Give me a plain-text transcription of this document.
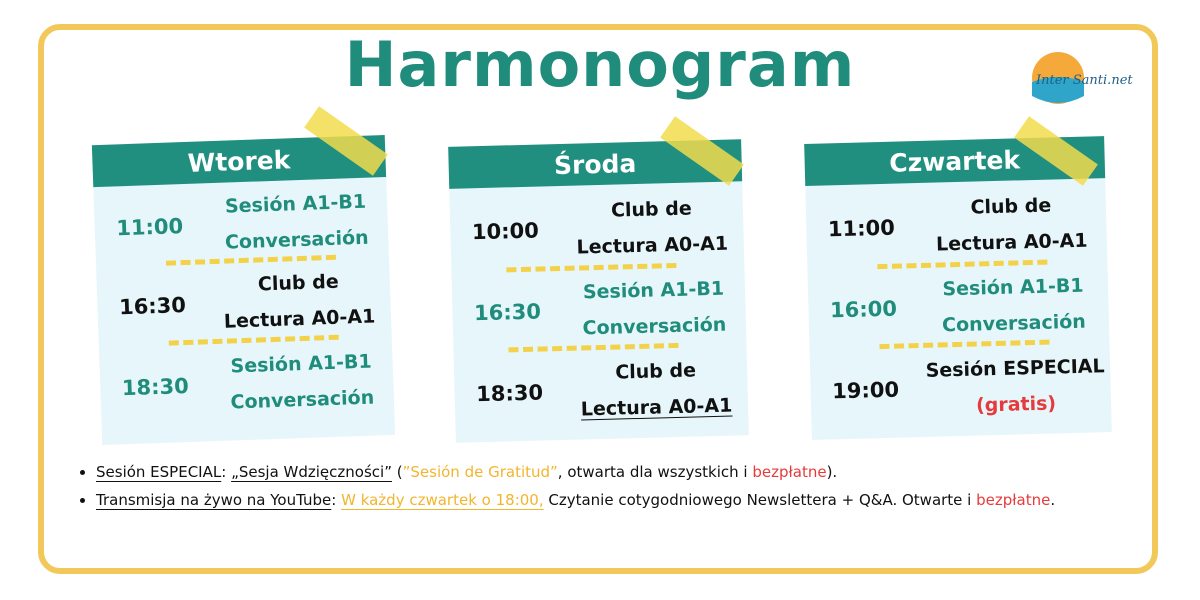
Harmonogram	Inter Santi.net
Wtorek
11:00
Sesión A1-B1
Conversación
16:30
Club de
Lectura A0-A1
18:30
Sesión A1-B1
Conversación
Środa
10:00
Club de
Lectura A0-A1
16:30
Sesión A1-B1
Conversación
18:30
Club de
Lectura A0-A1
Czwartek
11:00
Club de
Lectura A0-A1
16:00
Sesión A1-B1
Conversación
19:00
Sesión ESPECIAL
(gratis)
• Sesión ESPECIAL: „Sesja Wdzięczności” (”Sesión de Gratitud”, otwarta dla wszystkich i bezpłatne).
• Transmisja na żywo na YouTube: W każdy czwartek o 18:00, Czytanie cotygodniowego Newslettera + Q&A. Otwarte i bezpłatne.
